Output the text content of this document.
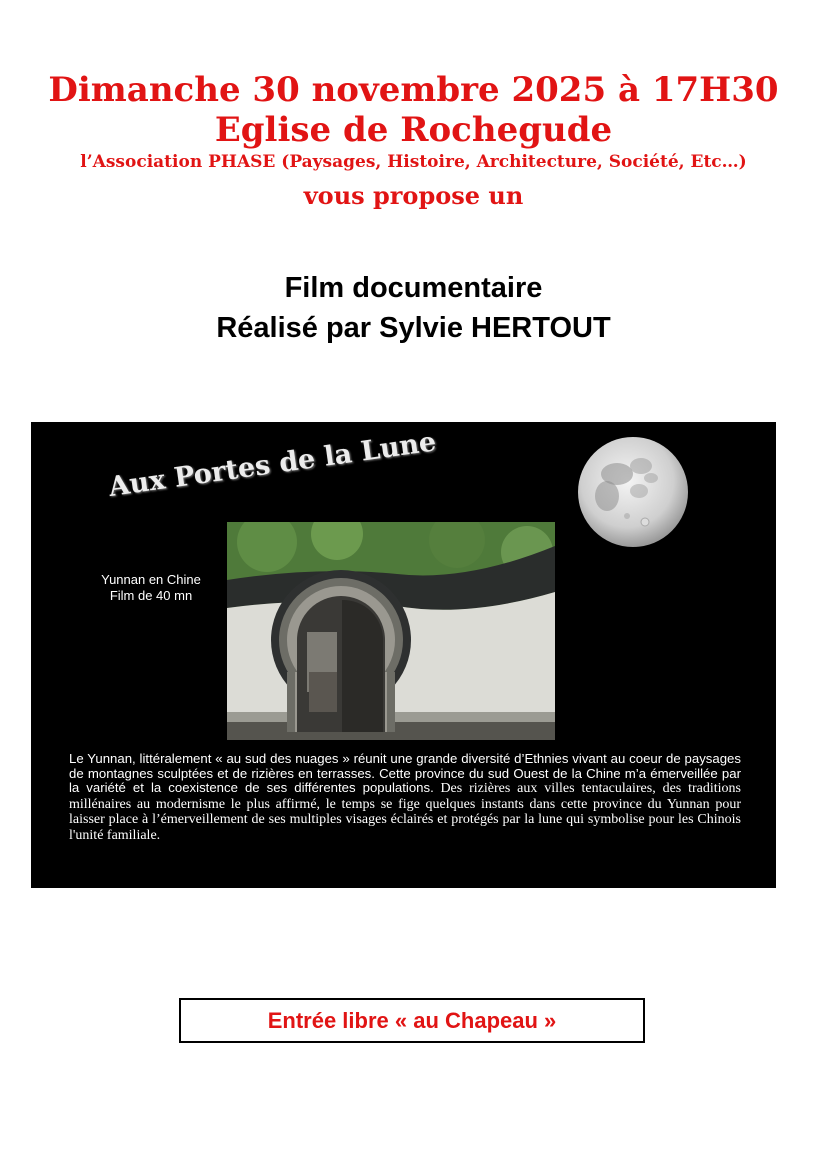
Dimanche 30 novembre 2025 à 17H30
Eglise de Rochegude
l’Association PHASE (Paysages, Histoire, Architecture, Société, Etc…)
vous propose un
Film documentaire
Réalisé par Sylvie HERTOUT
Aux Portes de la Lune
Yunnan en Chine
Film de 40 mn
Le Yunnan, littéralement « au sud des nuages » réunit une grande diversité d’Ethnies vivant au coeur de paysages de montagnes sculptées et de rizières en terrasses. Cette province du sud Ouest de la Chine m’a émerveillée par la variété et la coexistence de ses différentes populations. Des rizières aux villes tentaculaires, des traditions millénaires au modernisme le plus affirmé, le temps se fige quelques instants dans cette province du Yunnan pour laisser place à l’émerveillement de ses multiples visages éclairés et protégés par la lune qui symbolise pour les Chinois l'unité familiale.
Entrée libre « au Chapeau »
